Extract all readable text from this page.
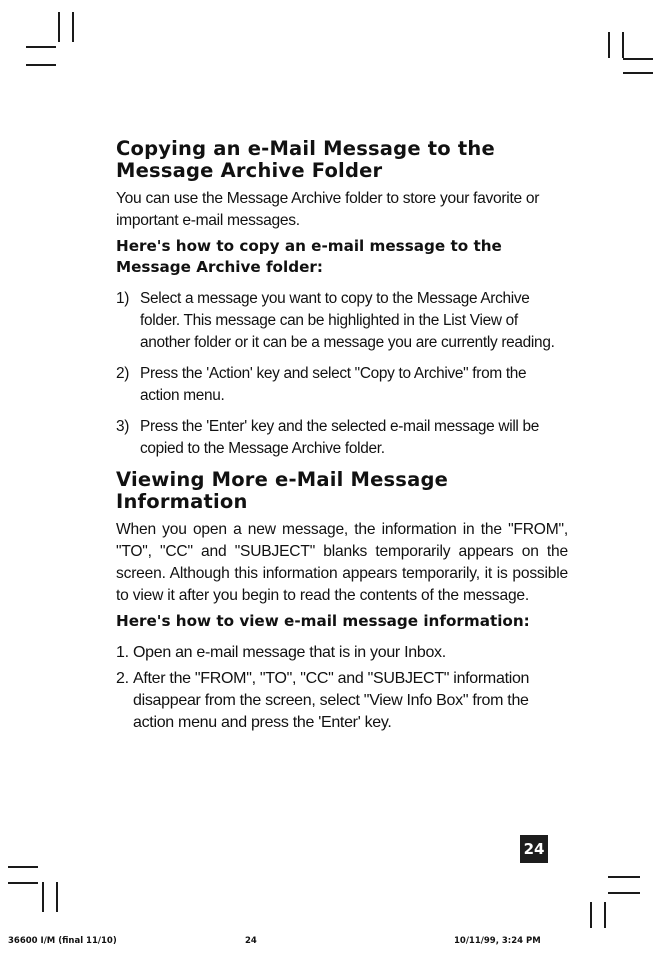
Copying an e-Mail Message to the Message Archive Folder

You can use the Message Archive folder to store your favorite or important e-mail messages.

Here's how to copy an e-mail message to the Message Archive folder:
1) Select a message you want to copy to the Message Archive folder. This message can be highlighted in the List View of another folder or it can be a message you are currently reading.
2) Press the 'Action' key and select "Copy to Archive" from the action menu.
3) Press the 'Enter' key and the selected e-mail message will be copied to the Message Archive folder.
Viewing More e-Mail Message Information

When you open a new message, the information in the "FROM", "TO", "CC" and "SUBJECT" blanks temporarily appears on the screen. Although this information appears temporarily, it is possible to view it after you begin to read the contents of the message.

Here's how to view e-mail message information:
1. Open an e-mail message that is in your Inbox.
2. After the "FROM", "TO", "CC" and "SUBJECT" information disappear from the screen, select "View Info Box" from the action menu and press the 'Enter' key.
24
36600 I/M (final 11/10)	24	10/11/99, 3:24 PM
